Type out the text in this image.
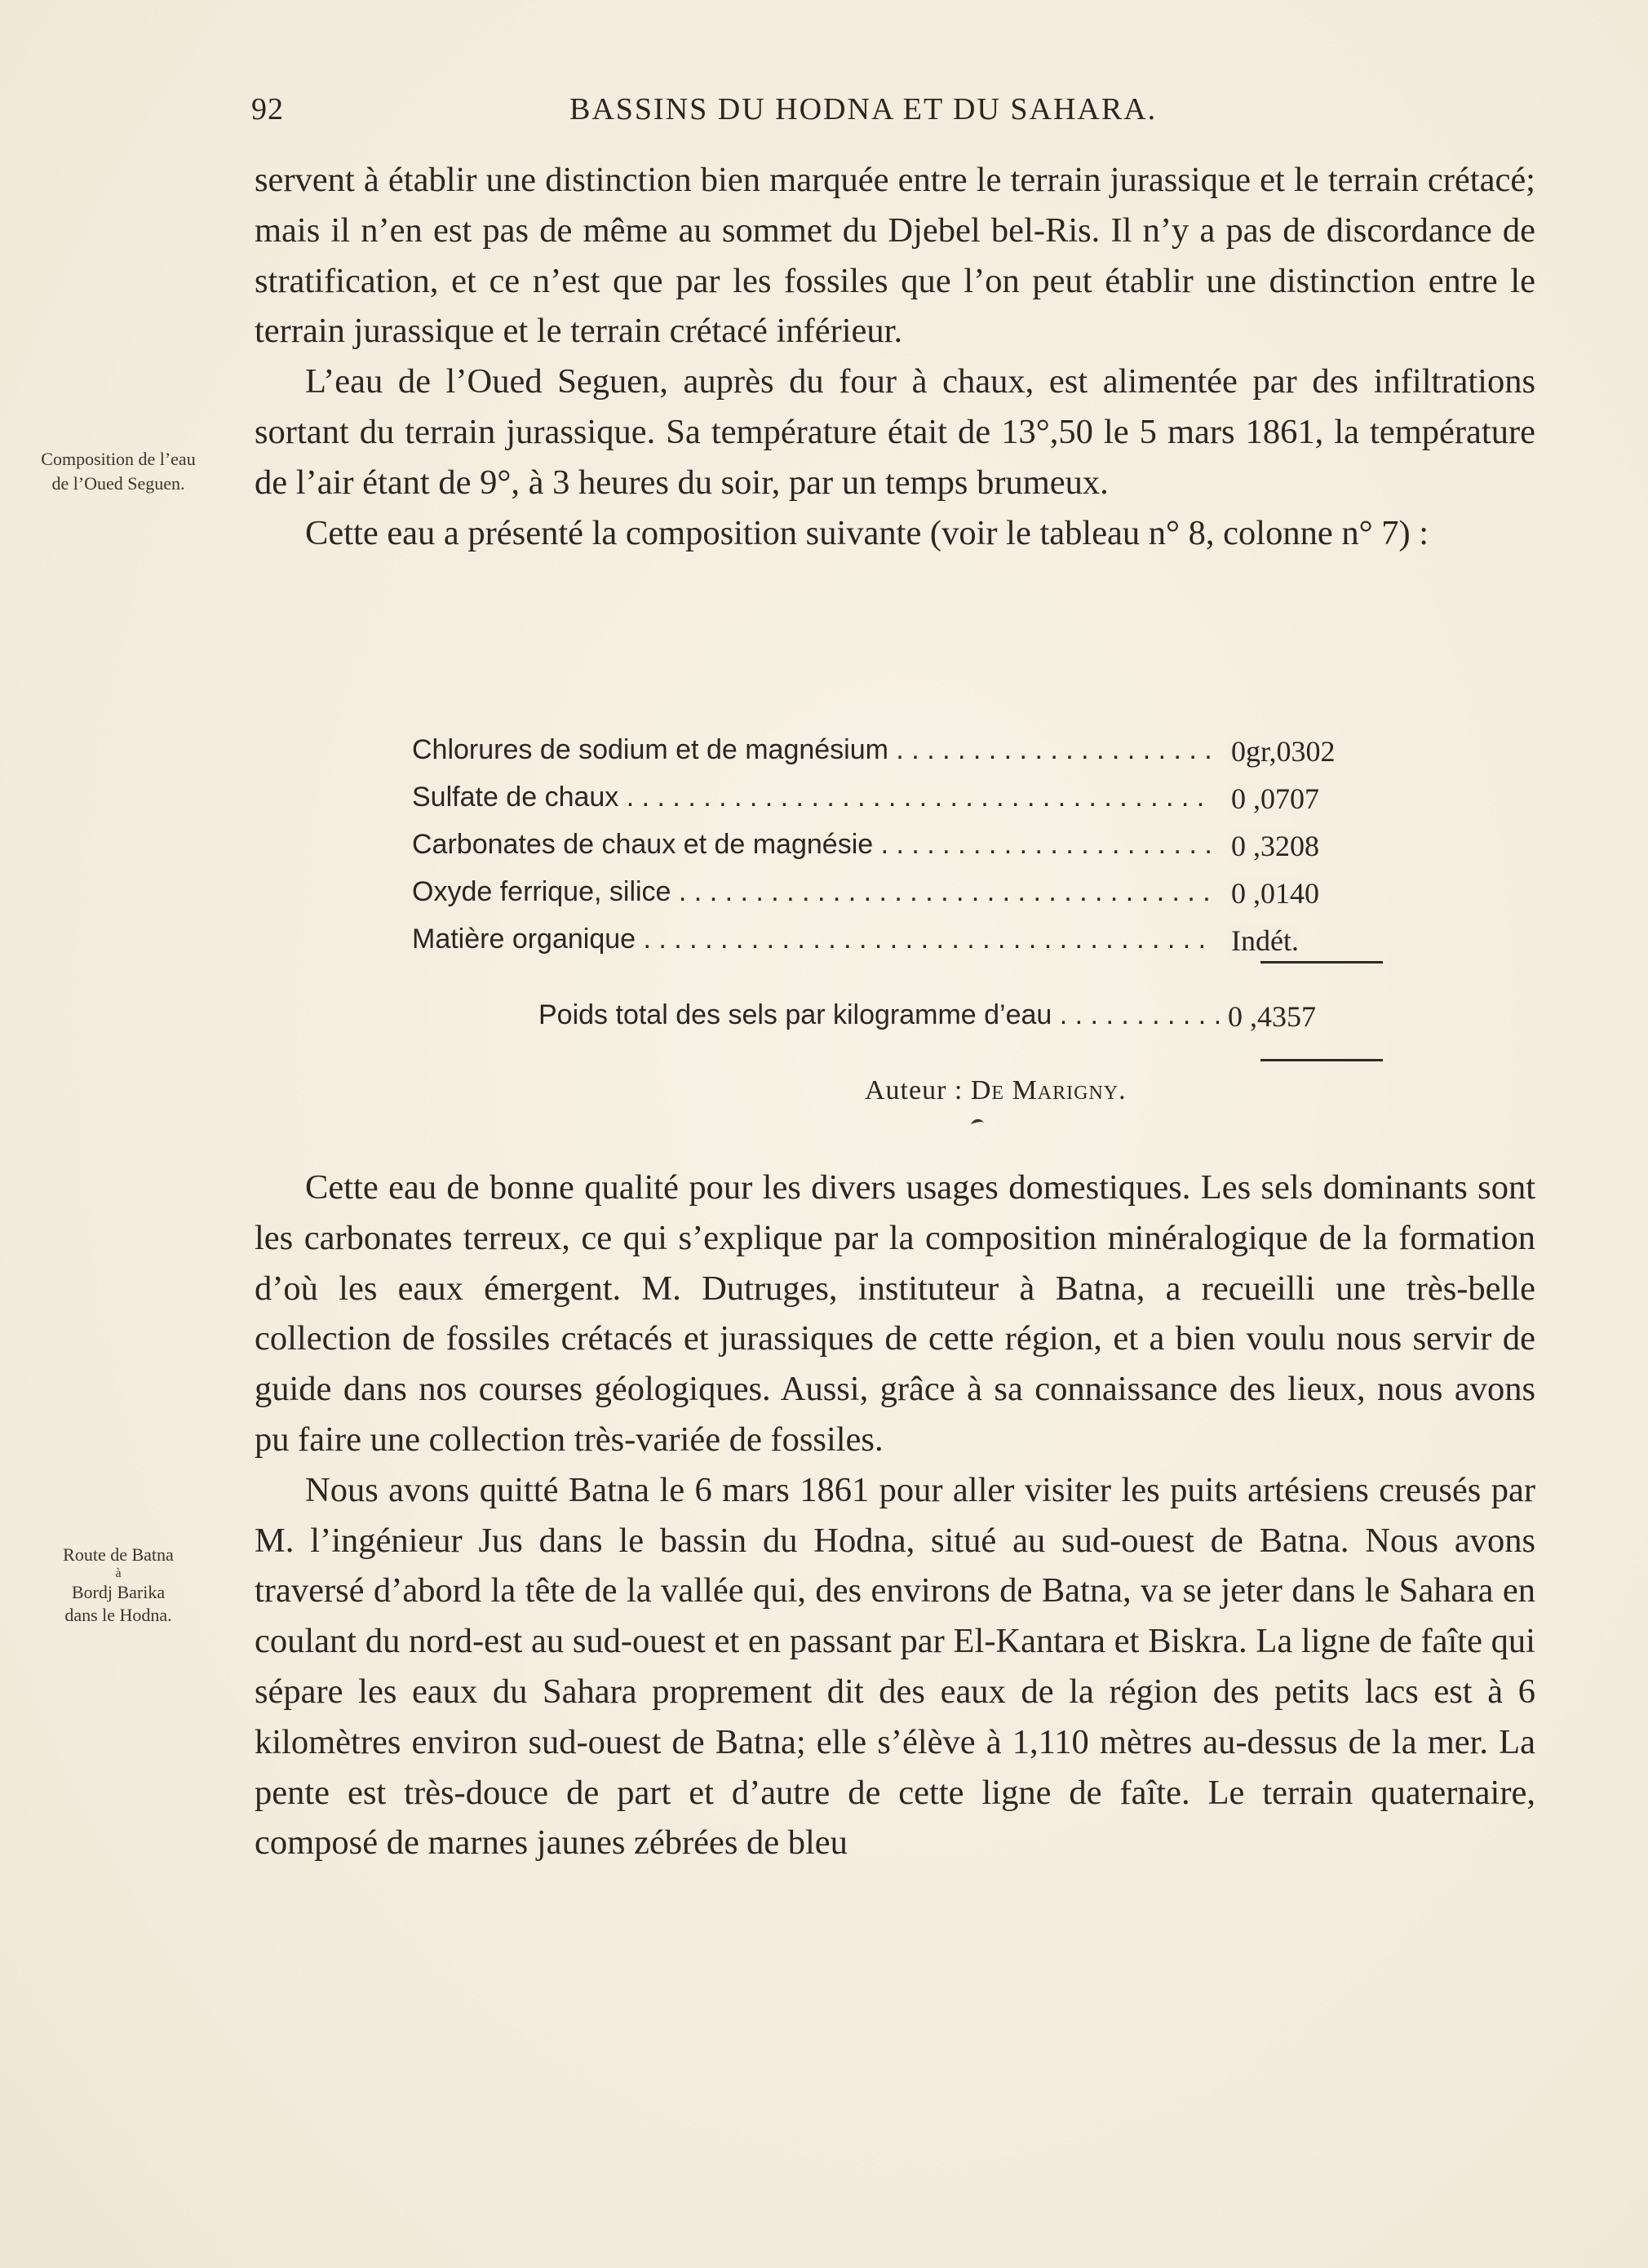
92	BASSINS DU HODNA ET DU SAHARA.
Composition de l’eau
de l’Oued Seguen.
Route de Batna
à
Bordj Barika
dans le Hodna.

servent à établir une distinction bien marquée entre le terrain jurassique et le terrain crétacé; mais il n’en est pas de même au sommet du Djebel bel-Ris. Il n’y a pas de discordance de stratification, et ce n’est que par les fossiles que l’on peut établir une distinction entre le terrain jurassique et le terrain crétacé inférieur.

L’eau de l’Oued Seguen, auprès du four à chaux, est alimentée par des infiltrations sortant du terrain jurassique. Sa température était de 13°,50 le 5 mars 1861, la température de l’air étant de 9°, à 3 heures du soir, par un temps brumeux.

Cette eau a présenté la composition suivante (voir le tableau n° 8, colonne n° 7) :

Chlorures de sodium et de magnésium . . .	0gr,0302
Sulfate de chaux . . .	0 ,0707
Carbonates de chaux et de magnésie . . .	0 ,3208
Oxyde ferrique, silice . . .	0 ,0140
Matière organique . . .	Indét.
Poids total des sels par kilogramme d’eau . . .	0 ,4357
Auteur : De Marigny.

Cette eau de bonne qualité pour les divers usages domestiques. Les sels dominants sont les carbonates terreux, ce qui s’explique par la composition minéralogique de la formation d’où les eaux émergent. M. Dutruges, instituteur à Batna, a recueilli une très-belle collection de fossiles crétacés et jurassiques de cette région, et a bien voulu nous servir de guide dans nos courses géologiques. Aussi, grâce à sa connaissance des lieux, nous avons pu faire une collection très-variée de fossiles.

Nous avons quitté Batna le 6 mars 1861 pour aller visiter les puits artésiens creusés par M. l’ingénieur Jus dans le bassin du Hodna, situé au sud-ouest de Batna. Nous avons traversé d’abord la tête de la vallée qui, des environs de Batna, va se jeter dans le Sahara en coulant du nord-est au sud-ouest et en passant par El-Kantara et Biskra. La ligne de faîte qui sépare les eaux du Sahara proprement dit des eaux de la région des petits lacs est à 6 kilomètres environ sud-ouest de Batna; elle s’élève à 1,110 mètres au-dessus de la mer. La pente est très-douce de part et d’autre de cette ligne de faîte. Le terrain quaternaire, composé de marnes jaunes zébrées de bleu
